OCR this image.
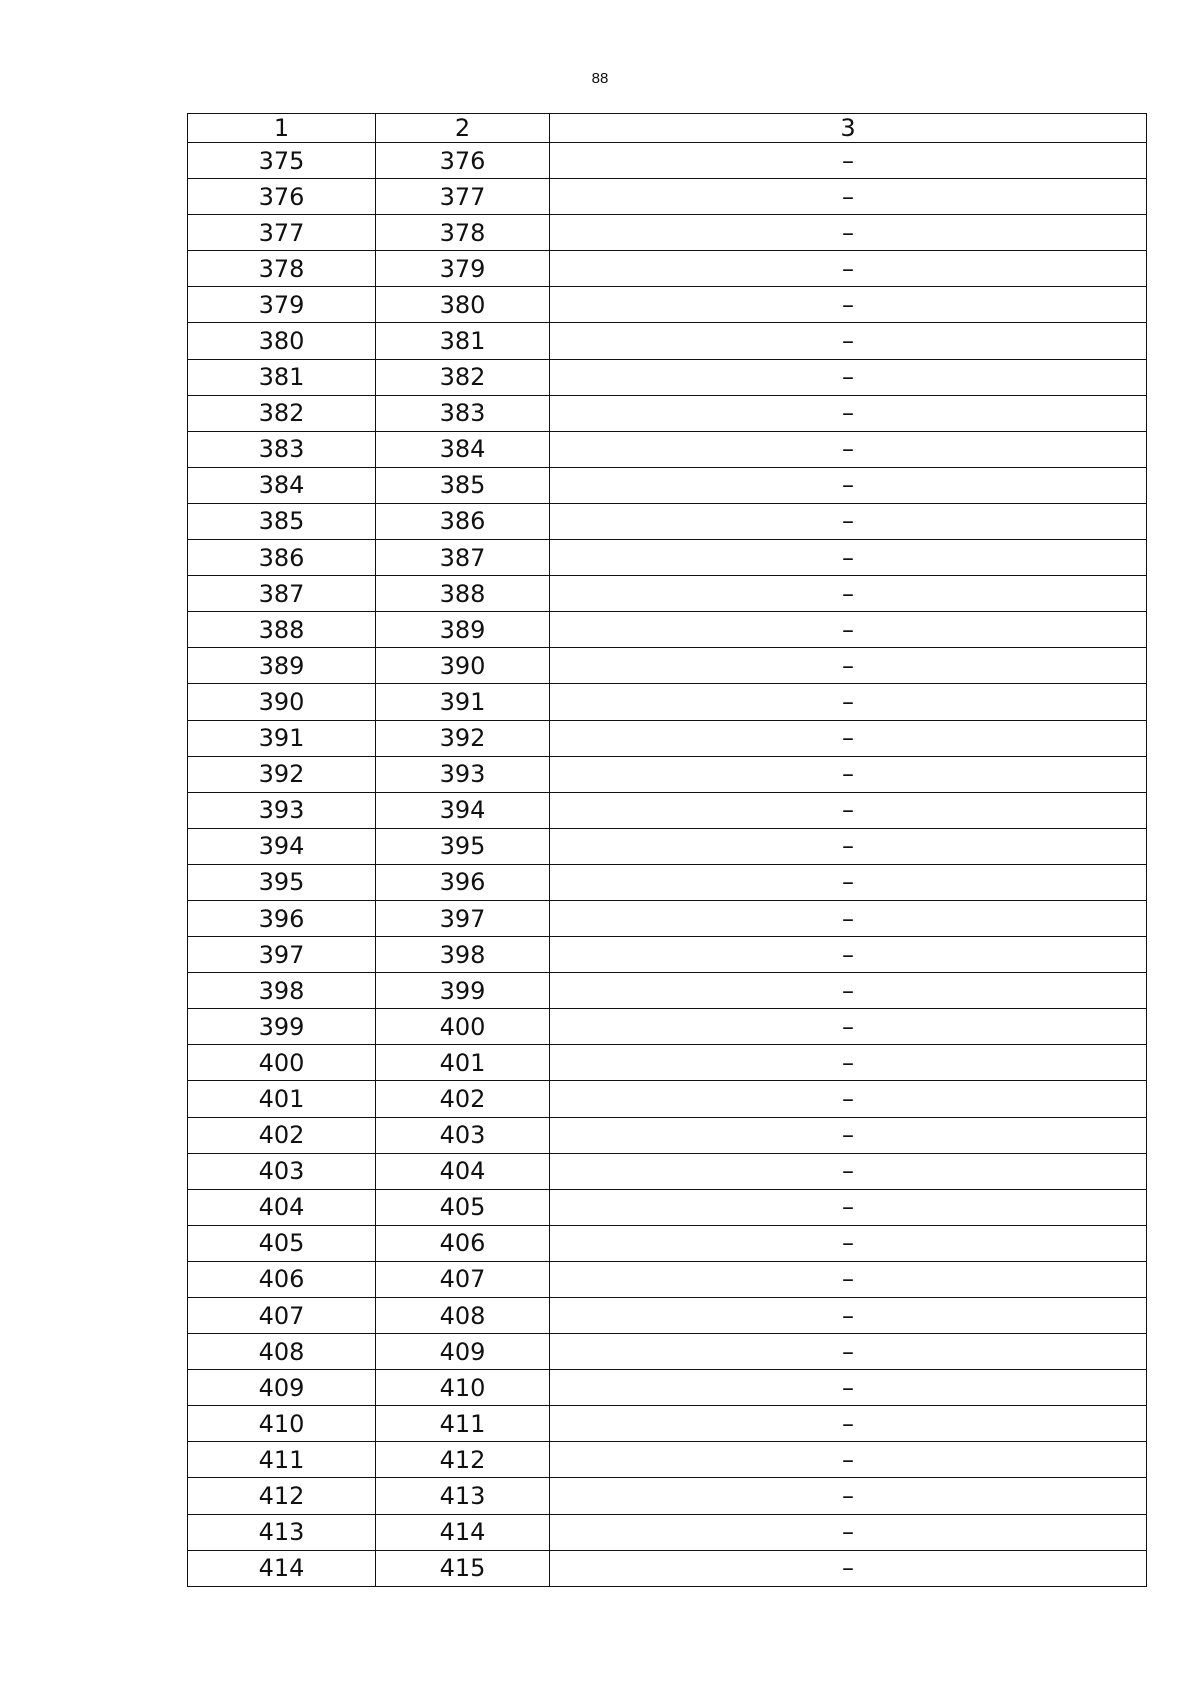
88
1	2	3
375	376	–
376	377	–
377	378	–
378	379	–
379	380	–
380	381	–
381	382	–
382	383	–
383	384	–
384	385	–
385	386	–
386	387	–
387	388	–
388	389	–
389	390	–
390	391	–
391	392	–
392	393	–
393	394	–
394	395	–
395	396	–
396	397	–
397	398	–
398	399	–
399	400	–
400	401	–
401	402	–
402	403	–
403	404	–
404	405	–
405	406	–
406	407	–
407	408	–
408	409	–
409	410	–
410	411	–
411	412	–
412	413	–
413	414	–
414	415	–
